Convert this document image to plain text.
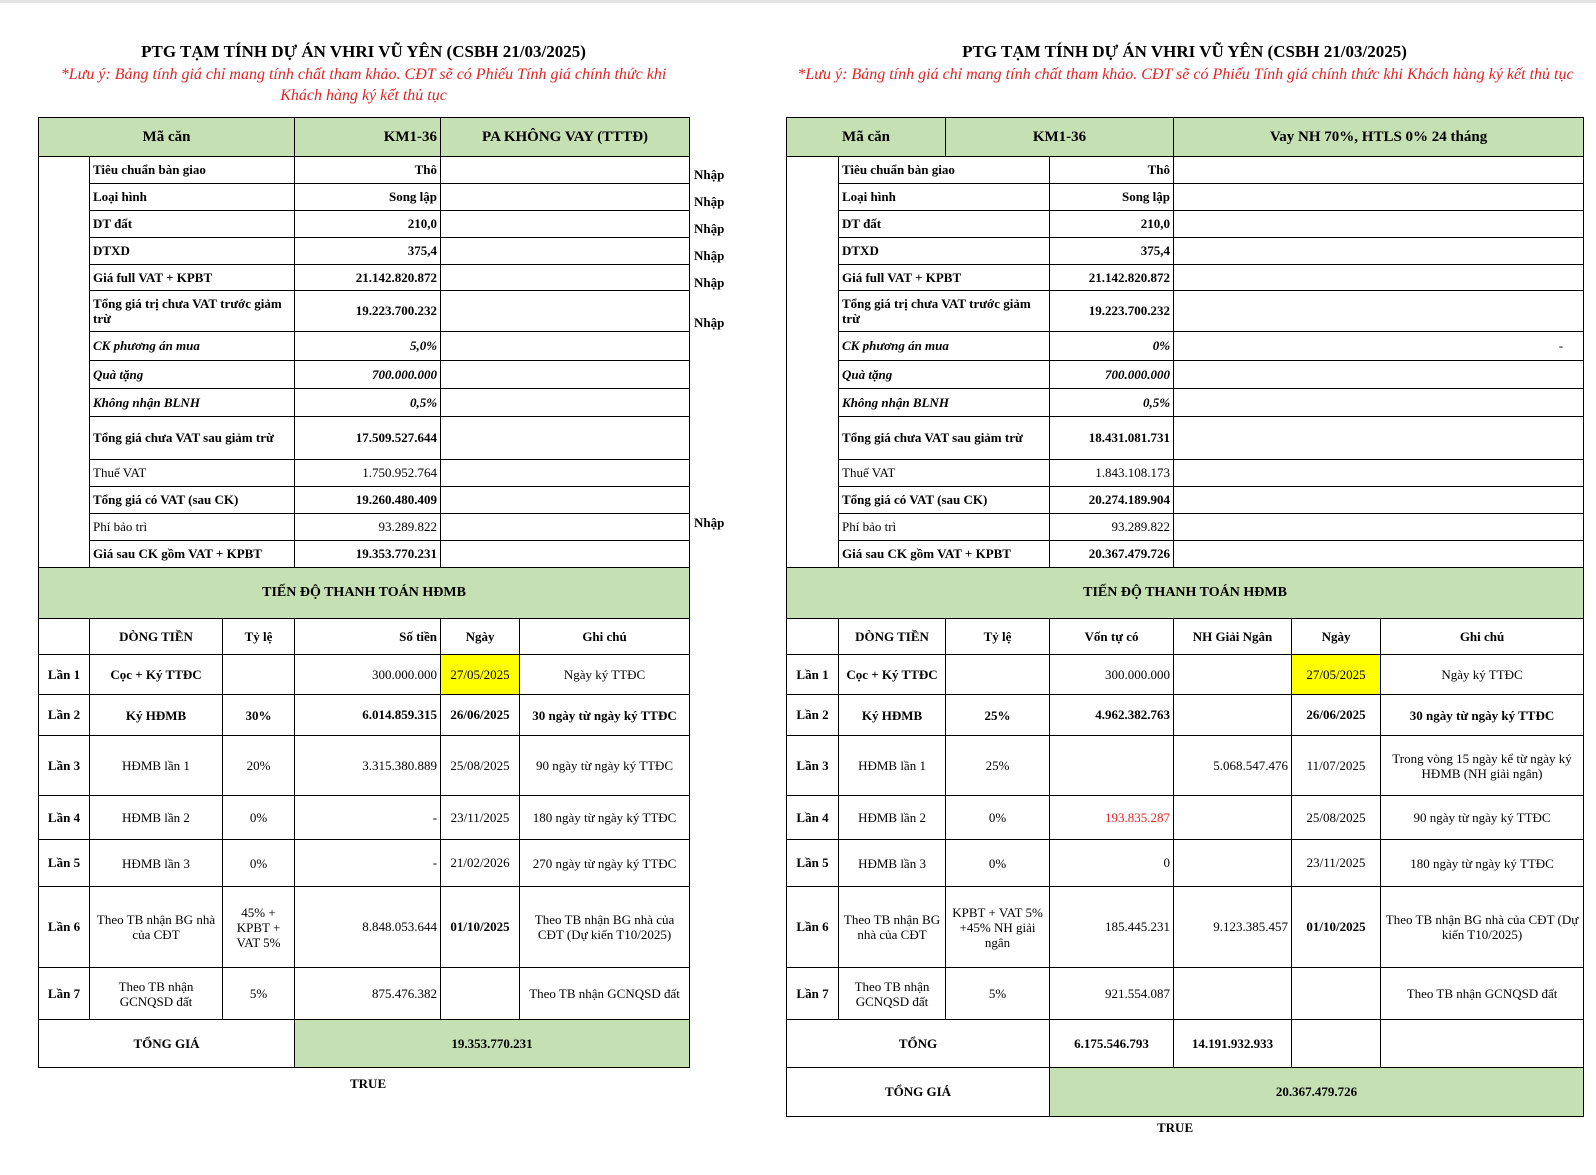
PTG TẠM TÍNH DỰ ÁN VHRI VŨ YÊN (CSBH 21/03/2025)
*Lưu ý: Bảng tính giá chỉ mang tính chất tham khảo. CĐT sẽ có Phiếu Tính giá chính thức khi Khách hàng ký kết thủ tục
Mã căn			KM1-36	PA KHÔNG VAY (TTTĐ)	
	Tiêu chuẩn bàn giao		Thô		
	Loại hình		Song lập		
	DT đất		210,0		
	DTXD		375,4		
	Giá full VAT + KPBT		21.142.820.872		
	Tổng giá trị chưa VAT trước giảm trừ		19.223.700.232		
	CK phương án mua		5,0%		
	Quà tặng		700.000.000		
	Không nhận BLNH		0,5%		
	Tổng giá chưa VAT sau giảm trừ		17.509.527.644		
	Thuế VAT		1.750.952.764		
	Tổng giá có VAT (sau CK)		19.260.480.409		
	Phí bảo trì		93.289.822		
	Giá sau CK gồm VAT + KPBT		19.353.770.231		
TIẾN ĐỘ THANH TOÁN HĐMB					
	DÒNG TIỀN	Tỷ lệ	Số tiền	Ngày	Ghi chú
Lần 1	Cọc + Ký TTĐC		300.000.000	27/05/2025	Ngày ký TTĐC
Lần 2	Ký HĐMB	30%	6.014.859.315	26/06/2025	30 ngày từ ngày ký TTĐC
Lần 3	HĐMB lần 1	20%	3.315.380.889	25/08/2025	90 ngày từ ngày ký TTĐC
Lần 4	HĐMB lần 2	0%	-	23/11/2025	180 ngày từ ngày ký TTĐC
Lần 5	HĐMB lần 3	0%	-	21/02/2026	270 ngày từ ngày ký TTĐC
Lần 6	Theo TB nhận BG nhà của CĐT	45% + KPBT + VAT 5%	8.848.053.644	01/10/2025	Theo TB nhận BG nhà của CĐT (Dự kiến T10/2025)
Lần 7	Theo TB nhận GCNQSD đất	5%	875.476.382		Theo TB nhận GCNQSD đất
TỔNG GIÁ			19.353.770.231		
Nhập
Nhập
Nhập
Nhập
Nhập
Nhập
Nhập
TRUE
PTG TẠM TÍNH DỰ ÁN VHRI VŨ YÊN (CSBH 21/03/2025)
*Lưu ý: Bảng tính giá chỉ mang tính chất tham khảo. CĐT sẽ có Phiếu Tính giá chính thức khi Khách hàng ký kết thủ tục
Mã căn		KM1-36		Vay NH 70%, HTLS 0% 24 tháng		
	Tiêu chuẩn bàn giao		Thô			
	Loại hình		Song lập			
	DT đất		210,0			
	DTXD		375,4			
	Giá full VAT + KPBT		21.142.820.872			
	Tổng giá trị chưa VAT trước giảm trừ		19.223.700.232			
	CK phương án mua		0%	-		
	Quà tặng		700.000.000			
	Không nhận BLNH		0,5%			
	Tổng giá chưa VAT sau giảm trừ		18.431.081.731			
	Thuế VAT		1.843.108.173			
	Tổng giá có VAT (sau CK)		20.274.189.904			
	Phí bảo trì		93.289.822			
	Giá sau CK gồm VAT + KPBT		20.367.479.726			
TIẾN ĐỘ THANH TOÁN HĐMB						
	DÒNG TIỀN	Tỷ lệ	Vốn tự có	NH Giải Ngân	Ngày	Ghi chú
Lần 1	Cọc + Ký TTĐC		300.000.000		27/05/2025	Ngày ký TTĐC
Lần 2	Ký HĐMB	25%	4.962.382.763		26/06/2025	30 ngày từ ngày ký TTĐC
Lần 3	HĐMB lần 1	25%		5.068.547.476	11/07/2025	Trong vòng 15 ngày kể từ ngày ký HĐMB (NH giải ngân)
Lần 4	HĐMB lần 2	0%	193.835.287		25/08/2025	90 ngày từ ngày ký TTĐC
Lần 5	HĐMB lần 3	0%	0		23/11/2025	180 ngày từ ngày ký TTĐC
Lần 6	Theo TB nhận BG nhà của CĐT	KPBT + VAT 5% +45% NH giải ngân	185.445.231	9.123.385.457	01/10/2025	Theo TB nhận BG nhà của CĐT (Dự kiến T10/2025)
Lần 7	Theo TB nhận GCNQSD đất	5%	921.554.087			Theo TB nhận GCNQSD đất
TỔNG			6.175.546.793	14.191.932.933		
TỔNG GIÁ			20.367.479.726			
TRUE
